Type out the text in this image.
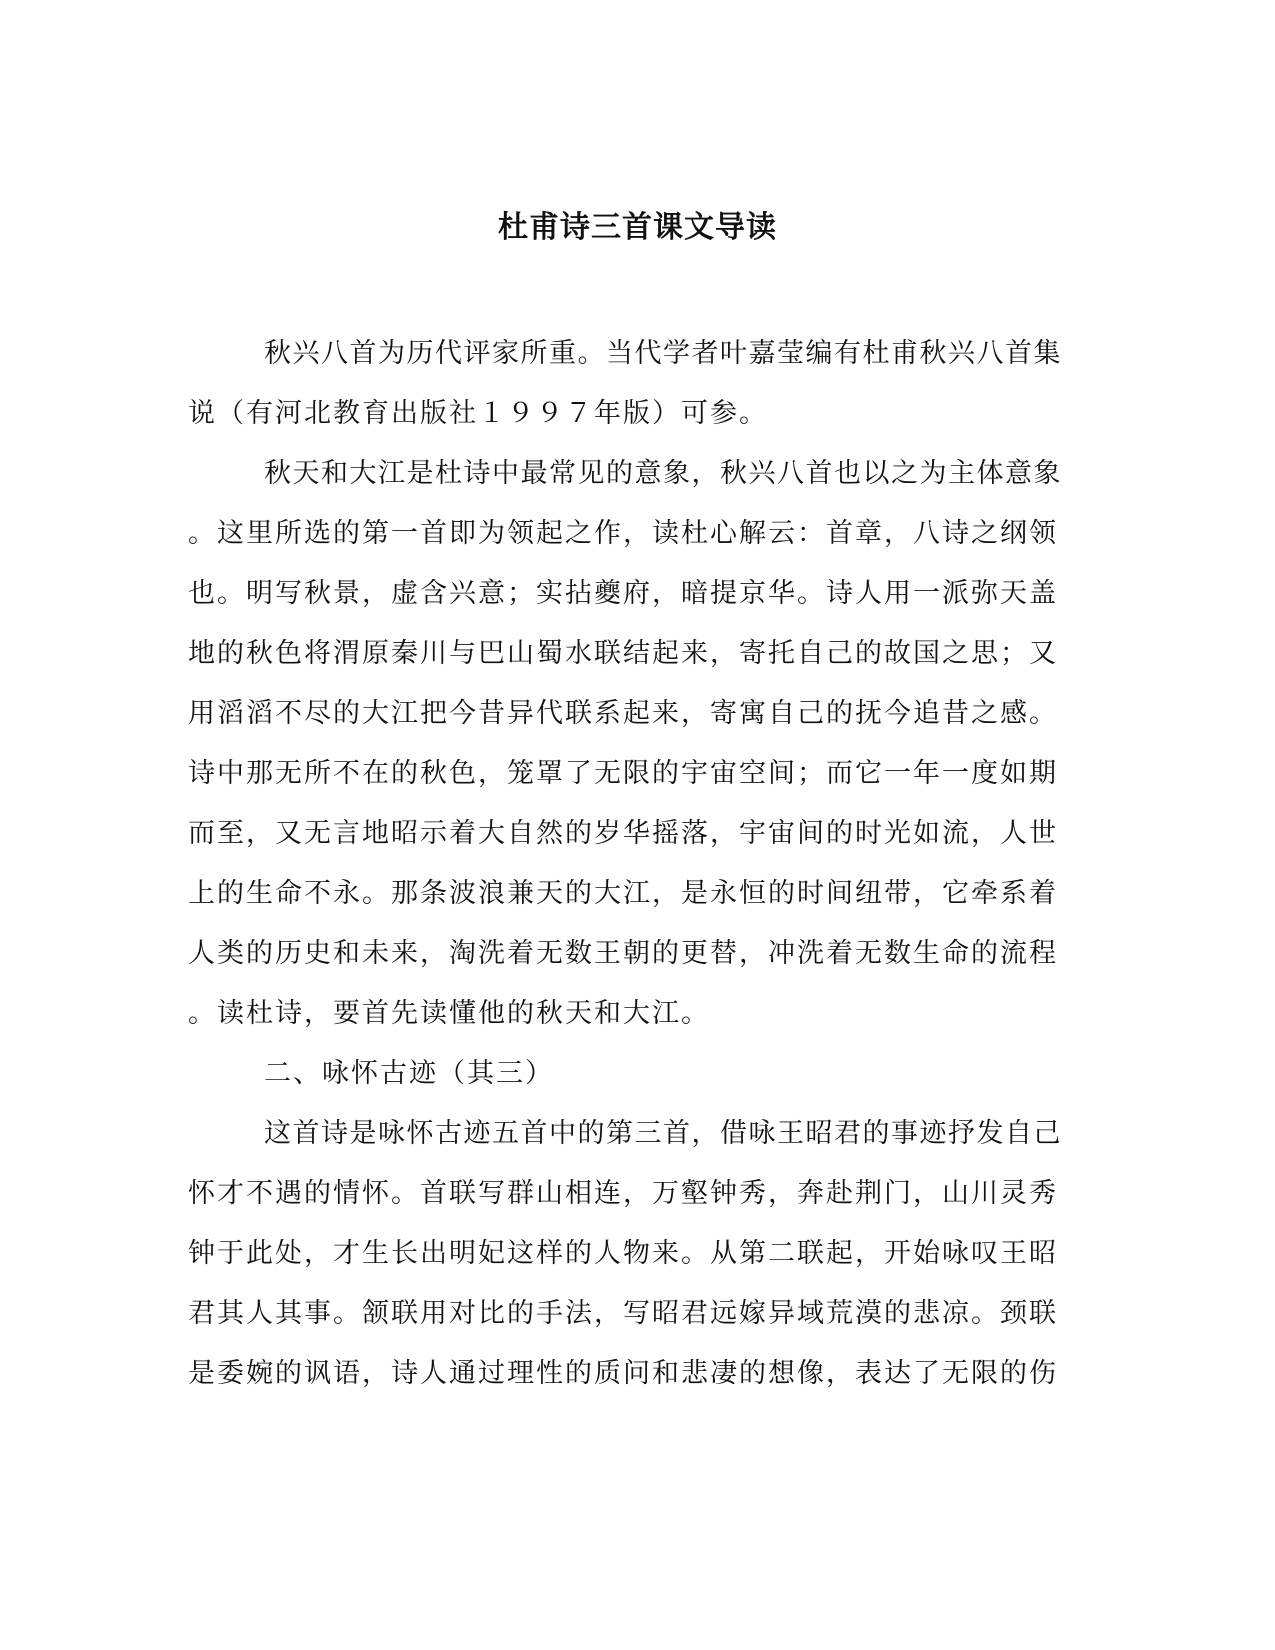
杜甫诗三首课文导读
秋兴八首为历代评家所重。当代学者叶嘉莹编有杜甫秋兴八首集
说（有河北教育出版社１９９７年版）可参。
秋天和大江是杜诗中最常见的意象，秋兴八首也以之为主体意象
。这里所选的第一首即为领起之作，读杜心解云：首章，八诗之纲领
也。明写秋景，虚含兴意；实拈夔府，暗提京华。诗人用一派弥天盖
地的秋色将渭原秦川与巴山蜀水联结起来，寄托自己的故国之思；又
用滔滔不尽的大江把今昔异代联系起来，寄寓自己的抚今追昔之感。
诗中那无所不在的秋色，笼罩了无限的宇宙空间；而它一年一度如期
而至，又无言地昭示着大自然的岁华摇落，宇宙间的时光如流，人世
上的生命不永。那条波浪兼天的大江，是永恒的时间纽带，它牵系着
人类的历史和未来，淘洗着无数王朝的更替，冲洗着无数生命的流程
。读杜诗，要首先读懂他的秋天和大江。
二、咏怀古迹（其三）
这首诗是咏怀古迹五首中的第三首，借咏王昭君的事迹抒发自己
怀才不遇的情怀。首联写群山相连，万壑钟秀，奔赴荆门，山川灵秀
钟于此处，才生长出明妃这样的人物来。从第二联起，开始咏叹王昭
君其人其事。颔联用对比的手法，写昭君远嫁异域荒漠的悲凉。颈联
是委婉的讽语，诗人通过理性的质问和悲凄的想像，表达了无限的伤
